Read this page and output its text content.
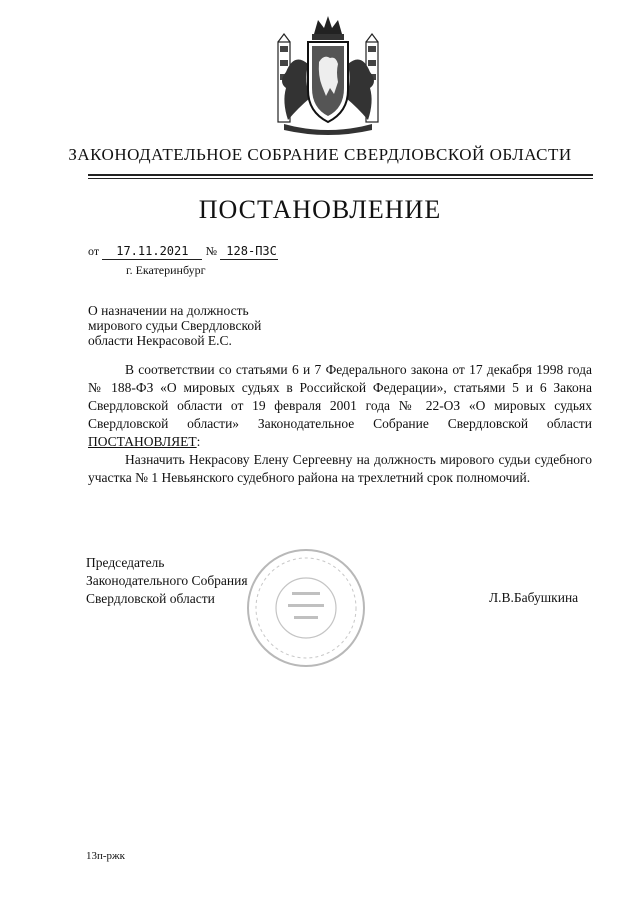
ЗАКОНОДАТЕЛЬНОЕ СОБРАНИЕ СВЕРДЛОВСКОЙ ОБЛАСТИ
ПОСТАНОВЛЕНИЕ
от 17.11.2021 № 128-ПЗС
г. Екатеринбург
О назначении на должность
мирового судьи Свердловской
области Некрасовой Е.С.

В соответствии со статьями 6 и 7 Федерального закона от 17 декабря 1998 года № 188-ФЗ «О мировых судьях в Российской Федерации», статьями 5 и 6 Закона Свердловской области от 19 февраля 2001 года № 22-ОЗ «О мировых судьях Свердловской области» Законодательное Собрание Свердловской области ПОСТАНОВЛЯЕТ:

Назначить Некрасову Елену Сергеевну на должность мирового судьи судебного участка № 1 Невьянского судебного района на трехлетний срок полномочий.

Председатель
Законодательного Собрания
Свердловской области	Л.В.Бабушкина
13п-ржк
